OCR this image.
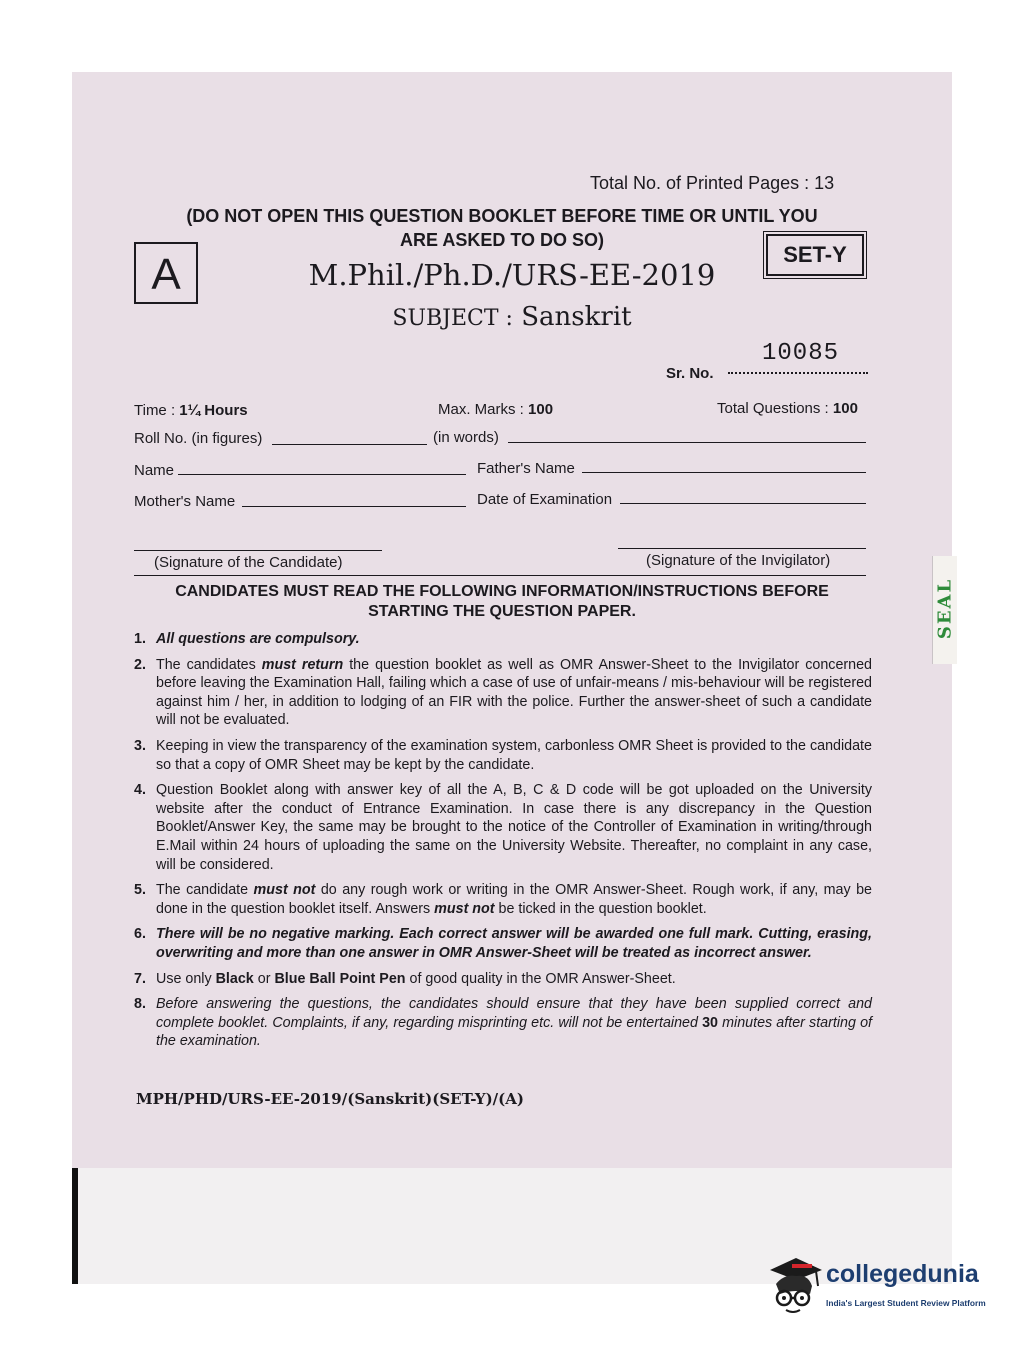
Total No. of Printed Pages : 13
(DO NOT OPEN THIS QUESTION BOOKLET BEFORE TIME OR UNTIL YOU
ARE ASKED TO DO SO)
A	SET-Y
M.Phil./Ph.D./URS-EE-2019
SUBJECT : Sanskrit
10085
Sr. No.
Time : 1¼ Hours	Max. Marks : 100	Total Questions : 100
Roll No. (in figures)	(in words)
Name	Father's Name
Mother's Name	Date of Examination
(Signature of the Candidate)	(Signature of the Invigilator)
CANDIDATES MUST READ THE FOLLOWING INFORMATION/INSTRUCTIONS BEFORE
STARTING THE QUESTION PAPER.
1. All questions are compulsory.
2. The candidates must return the question booklet as well as OMR Answer-Sheet to the Invigilator concerned before leaving the Examination Hall, failing which a case of use of unfair-means / mis-behaviour will be registered against him / her, in addition to lodging of an FIR with the police. Further the answer-sheet of such a candidate will not be evaluated.
3. Keeping in view the transparency of the examination system, carbonless OMR Sheet is provided to the candidate so that a copy of OMR Sheet may be kept by the candidate.
4. Question Booklet along with answer key of all the A, B, C & D code will be got uploaded on the University website after the conduct of Entrance Examination. In case there is any discrepancy in the Question Booklet/Answer Key, the same may be brought to the notice of the Controller of Examination in writing/through E.Mail within 24 hours of uploading the same on the University Website. Thereafter, no complaint in any case, will be considered.
5. The candidate must not do any rough work or writing in the OMR Answer-Sheet. Rough work, if any, may be done in the question booklet itself. Answers must not be ticked in the question booklet.
6. There will be no negative marking. Each correct answer will be awarded one full mark. Cutting, erasing, overwriting and more than one answer in OMR Answer-Sheet will be treated as incorrect answer.
7. Use only Black or Blue Ball Point Pen of good quality in the OMR Answer-Sheet.
8. Before answering the questions, the candidates should ensure that they have been supplied correct and complete booklet. Complaints, if any, regarding misprinting etc. will not be entertained 30 minutes after starting of the examination.
MPH/PHD/URS-EE-2019/(Sanskrit)(SET-Y)/(A)
SEAL
collegedunia
India's Largest Student Review Platform
